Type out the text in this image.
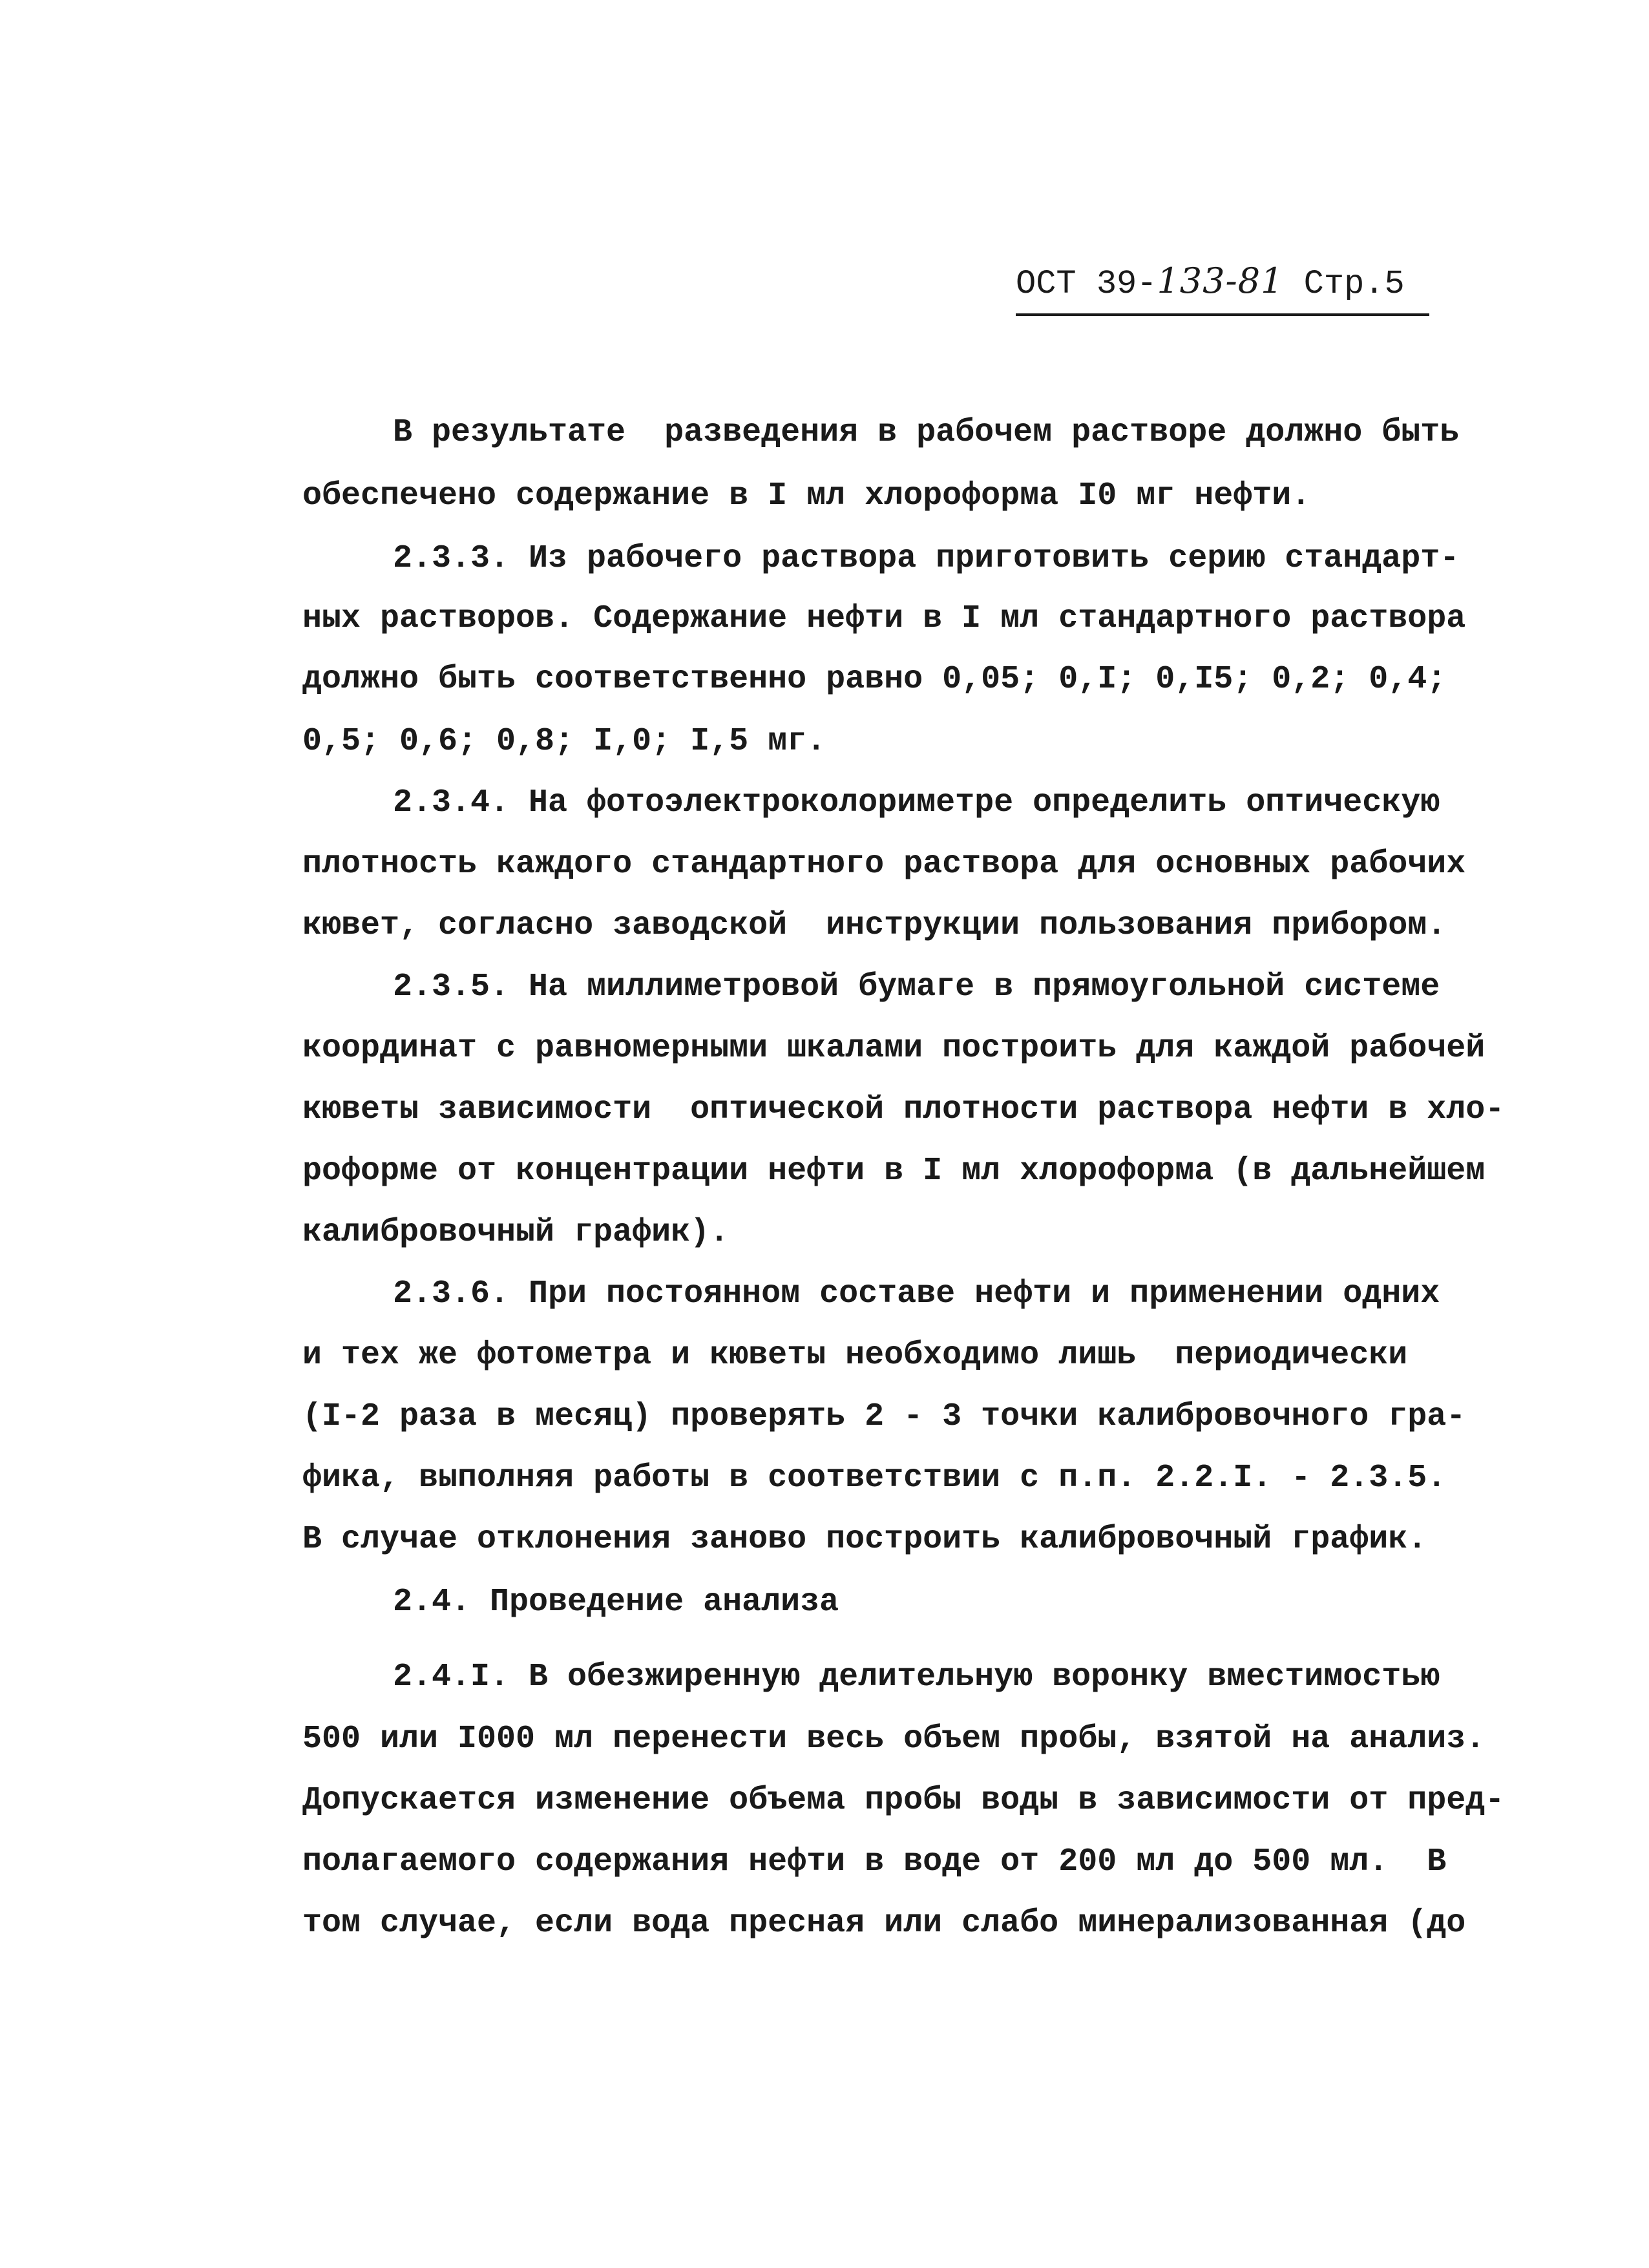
ОСТ 39-133-81 Стр.5
В результате  разведения в рабочем растворе должно быть
обеспечено содержание в I мл хлороформа I0 мг нефти.
2.3.3. Из рабочего раствора приготовить серию стандарт-
ных растворов. Содержание нефти в I мл стандартного раствора
должно быть соответственно равно 0,05; 0,I; 0,I5; 0,2; 0,4;
0,5; 0,6; 0,8; I,0; I,5 мг.
2.3.4. На фотоэлектроколориметре определить оптическую
плотность каждого стандартного раствора для основных рабочих
кювет, согласно заводской  инструкции пользования прибором.
2.3.5. На миллиметровой бумаге в прямоугольной системе
координат с равномерными шкалами построить для каждой рабочей
кюветы зависимости  оптической плотности раствора нефти в хло-
роформе от концентрации нефти в I мл хлороформа (в дальнейшем
калибровочный график).
2.3.6. При постоянном составе нефти и применении одних
и тех же фотометра и кюветы необходимо лишь  периодически
(I-2 раза в месяц) проверять 2 - 3 точки калибровочного гра-
фика, выполняя работы в соответствии с п.п. 2.2.I. - 2.3.5.
В случае отклонения заново построить калибровочный график.
2.4. Проведение анализа
2.4.I. В обезжиренную делительную воронку вместимостью
500 или I000 мл перенести весь объем пробы, взятой на анализ.
Допускается изменение объема пробы воды в зависимости от пред-
полагаемого содержания нефти в воде от 200 мл до 500 мл.  В
том случае, если вода пресная или слабо минерализованная (до
